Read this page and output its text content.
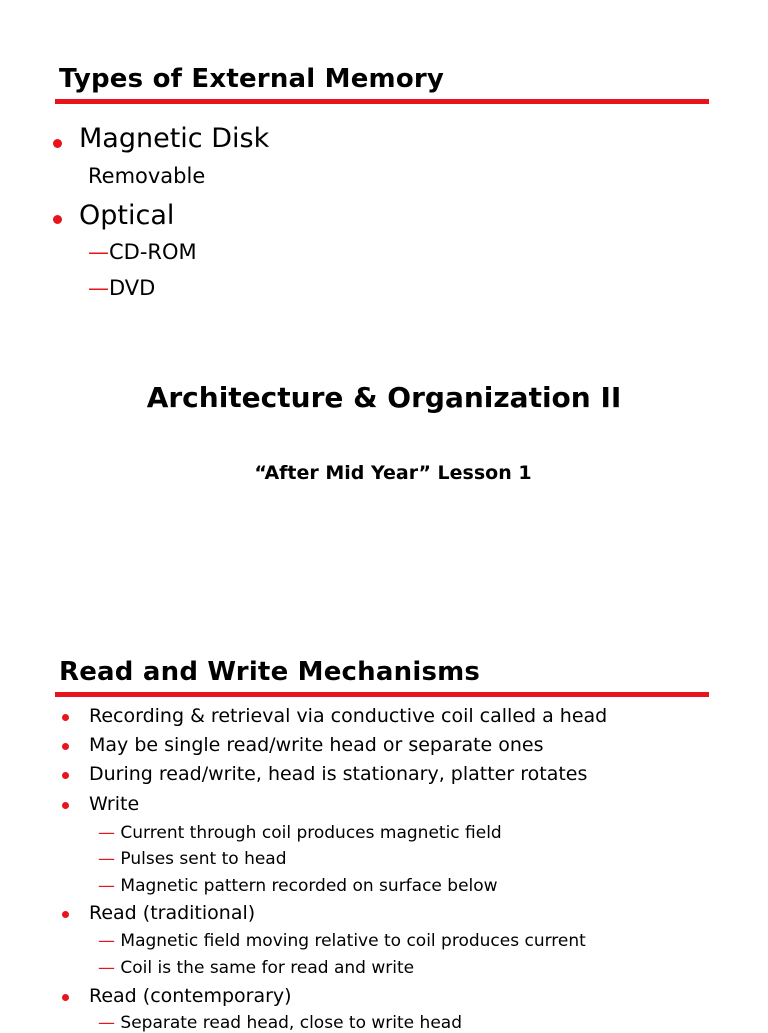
Types of External Memory
Magnetic Disk
Removable
Optical
—CD-ROM
—DVD
Architecture & Organization II
“After Mid Year” Lesson 1
Read and Write Mechanisms
Recording & retrieval via conductive coil called a head
May be single read/write head or separate ones
During read/write, head is stationary, platter rotates
Write
— Current through coil produces magnetic field
— Pulses sent to head
— Magnetic pattern recorded on surface below
Read (traditional)
— Magnetic field moving relative to coil produces current
— Coil is the same for read and write
Read (contemporary)
— Separate read head, close to write head
